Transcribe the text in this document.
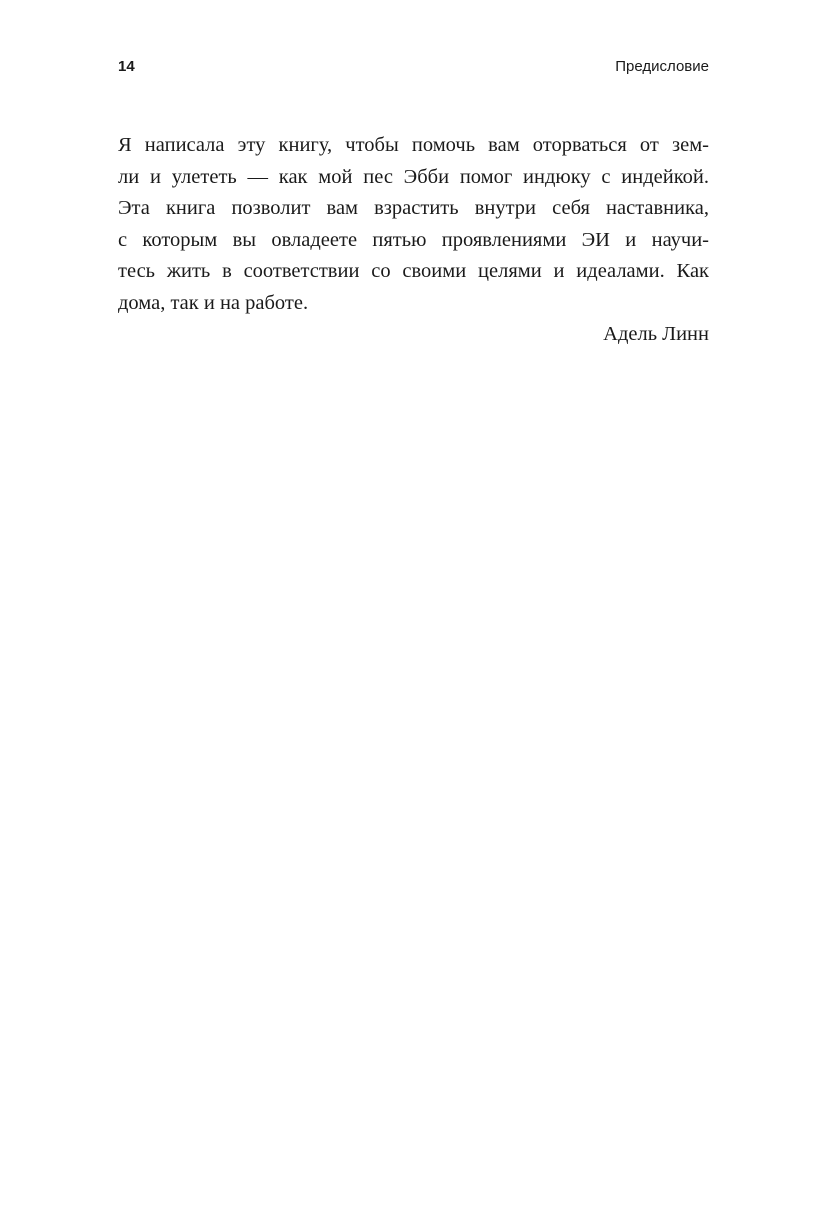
14	Предисловие
Я написала эту книгу, чтобы помочь вам оторваться от зем-
ли и улететь — как мой пес Эбби помог индюку с индейкой.
Эта книга позволит вам взрастить внутри себя наставника,
с которым вы овладеете пятью проявлениями ЭИ и научи-
тесь жить в соответствии со своими целями и идеалами. Как
дома, так и на работе.
Адель Линн
